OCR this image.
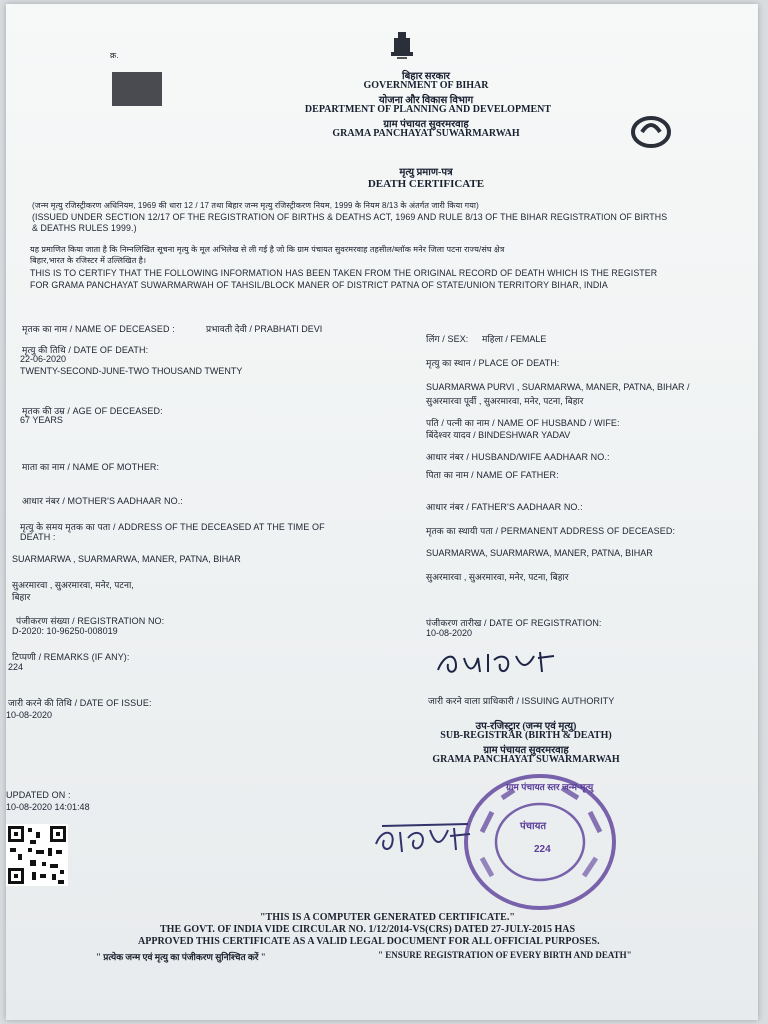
क्र.
बिहार सरकार
GOVERNMENT OF BIHAR
योजना और विकास विभाग
DEPARTMENT OF PLANNING AND DEVELOPMENT
ग्राम पंचायत सुवरमरवाह
GRAMA PANCHAYAT SUWARMARWAH
मृत्यु प्रमाण-पत्र
DEATH CERTIFICATE
(जन्म मृत्यु रजिस्ट्रीकरण अधिनियम, 1969 की धारा 12 / 17 तथा बिहार जन्म मृत्यु रजिस्ट्रीकरण नियम, 1999 के नियम 8/13 के अंतर्गत जारी किया गया)
(ISSUED UNDER SECTION 12/17 OF THE REGISTRATION OF BIRTHS & DEATHS ACT, 1969 AND RULE 8/13 OF THE BIHAR REGISTRATION OF BIRTHS
& DEATHS RULES 1999.)
यह प्रमाणित किया जाता है कि निम्नलिखित सूचना मृत्यु के मूल अभिलेख से ली गई है जो कि ग्राम पंचायत सुवरमरवाह तहसील/ब्लॉक मनेर जिला पटना राज्य/संघ क्षेत्र
बिहार,भारत के रजिस्टर में उल्लिखित है।
THIS IS TO CERTIFY THAT THE FOLLOWING INFORMATION HAS BEEN TAKEN FROM THE ORIGINAL RECORD OF DEATH WHICH IS THE REGISTER
FOR GRAMA PANCHAYAT SUWARMARWAH OF TAHSIL/BLOCK MANER OF DISTRICT PATNA OF STATE/UNION TERRITORY BIHAR, INDIA
मृतक का नाम / NAME OF DECEASED :	प्रभावती देवी / PRABHATI DEVI
मृत्यु की तिथि / DATE OF DEATH:
22-06-2020
TWENTY-SECOND-JUNE-TWO THOUSAND TWENTY
मृतक की उम्र / AGE OF DECEASED:
67 YEARS
माता का नाम / NAME OF MOTHER:
आधार नंबर / MOTHER'S AADHAAR NO.:
मृत्यु के समय मृतक का पता / ADDRESS OF THE DECEASED AT THE TIME OF
DEATH :
SUARMARWA , SUARMARWA, MANER, PATNA, BIHAR
सुअरमारवा , सुअरमारवा, मनेर, पटना,
बिहार
पंजीकरण संख्या / REGISTRATION NO:
D-2020: 10-96250-008019
टिप्पणी / REMARKS (IF ANY):
224
जारी करने की तिथि / DATE OF ISSUE:
10-08-2020
UPDATED ON :
10-08-2020 14:01:48
लिंग / SEX: महिला / FEMALE
मृत्यु का स्थान / PLACE OF DEATH:
SUARMARWA PURVI , SUARMARWA, MANER, PATNA, BIHAR /
सुअरमारवा पूर्वी , सुअरमारवा, मनेर, पटना, बिहार
पति / पत्नी का नाम / NAME OF HUSBAND / WIFE:
बिंदेश्वर यादव / BINDESHWAR YADAV
आधार नंबर / HUSBAND/WIFE AADHAAR NO.:
पिता का नाम / NAME OF FATHER:
आधार नंबर / FATHER'S AADHAAR NO.:
मृतक का स्थायी पता / PERMANENT ADDRESS OF DECEASED:
SUARMARWA, SUARMARWA, MANER, PATNA, BIHAR
सुअरमारवा , सुअरमारवा, मनेर, पटना, बिहार
पंजीकरण तारीख / DATE OF REGISTRATION:
10-08-2020
जारी करने वाला प्राधिकारी / ISSUING AUTHORITY
उप-रजिस्ट्रार (जन्म एवं मृत्यु)
SUB-REGISTRAR (BIRTH & DEATH)
ग्राम पंचायत सुवरमरवाह
GRAMA PANCHAYAT SUWARMARWAH
ग्राम पंचायत स्तर जन्म-मृत्यु
पंचायत
224
"THIS IS A COMPUTER GENERATED CERTIFICATE."
THE GOVT. OF INDIA VIDE CIRCULAR NO. 1/12/2014-VS(CRS) DATED 27-JULY-2015 HAS
APPROVED THIS CERTIFICATE AS A VALID LEGAL DOCUMENT FOR ALL OFFICIAL PURPOSES.
" प्रत्येक जन्म एवं मृत्यु का पंजीकरण सुनिश्चित करें "	" ENSURE REGISTRATION OF EVERY BIRTH AND DEATH"
